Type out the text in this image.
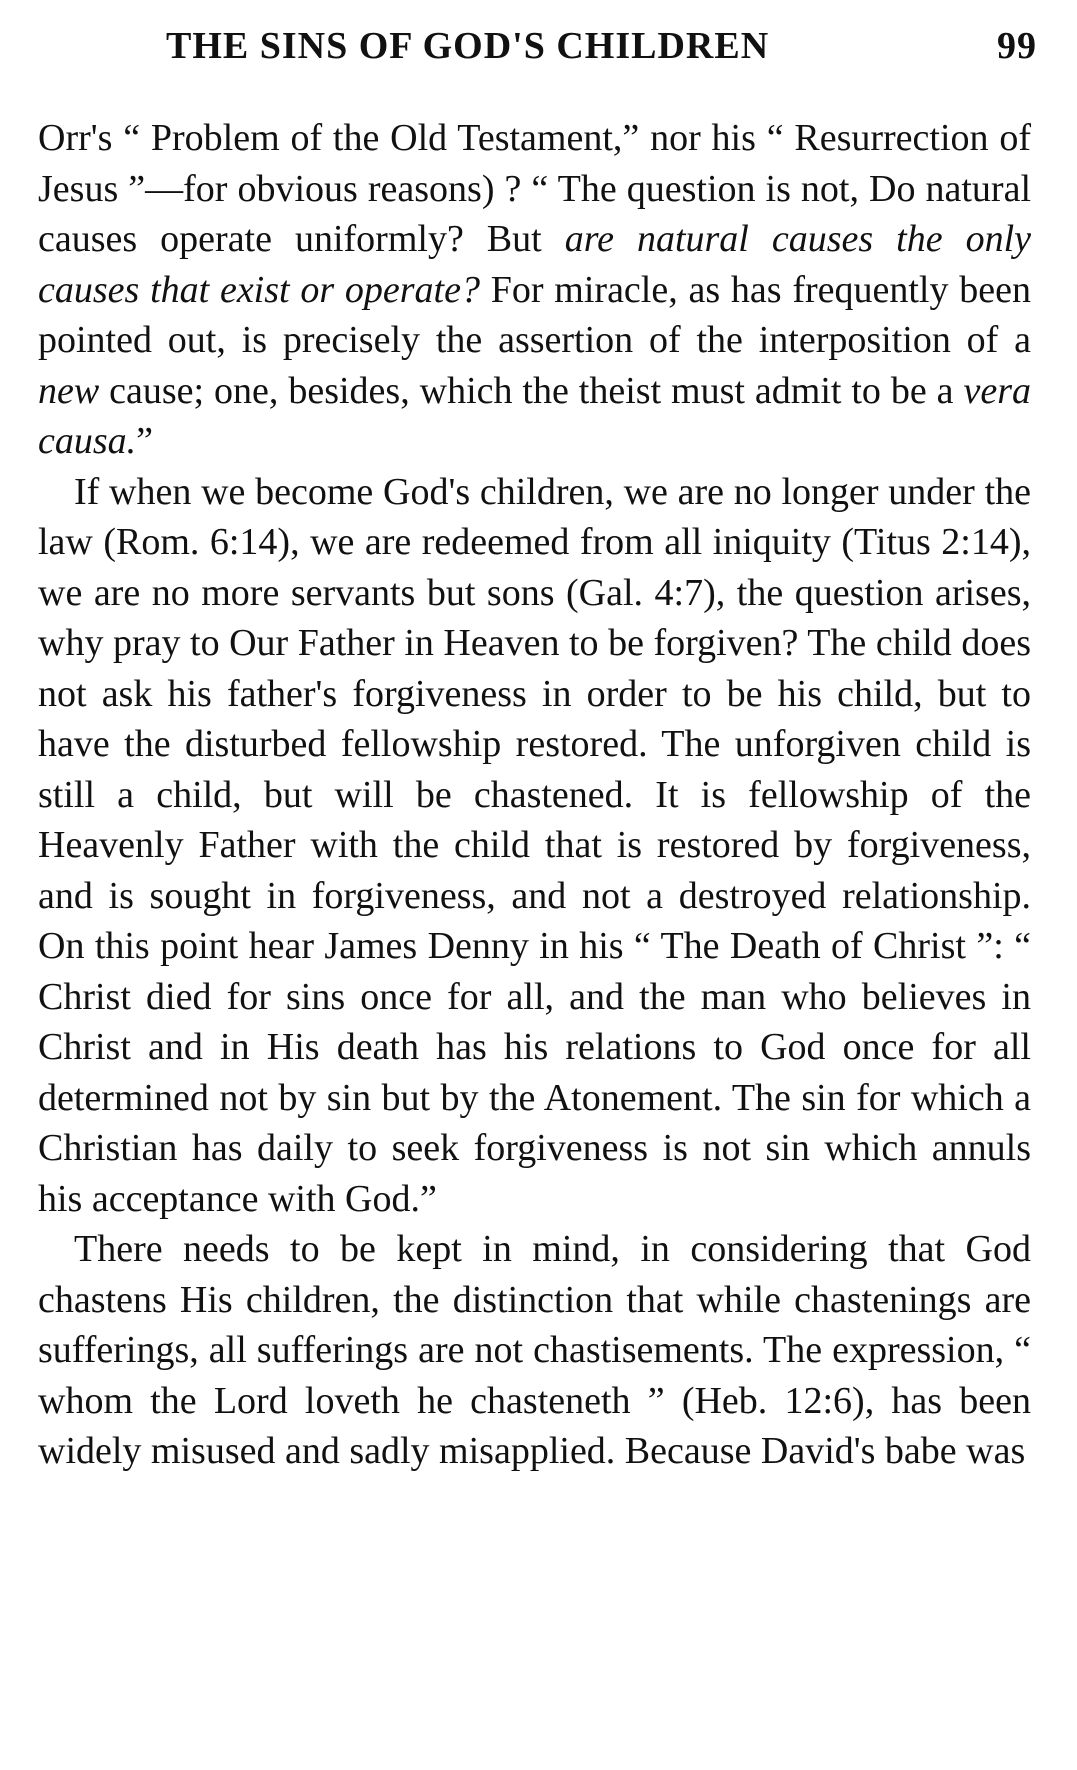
THE SINS OF GOD'S CHILDREN	99

Orr's “ Problem of the Old Testament,” nor his “ Resurrection of Jesus ”—for obvious reasons) ? “ The question is not, Do natural causes operate uniformly? But are natural causes the only causes that exist or operate? For miracle, as has frequently been pointed out, is precisely the assertion of the interposition of a new cause; one, besides, which the theist must admit to be a vera causa.”

If when we become God's children, we are no longer under the law (Rom. 6:14), we are redeemed from all iniquity (Titus 2:14), we are no more servants but sons (Gal. 4:7), the question arises, why pray to Our Father in Heaven to be forgiven? The child does not ask his father's forgiveness in order to be his child, but to have the disturbed fellowship restored. The unforgiven child is still a child, but will be chastened. It is fellowship of the Heavenly Father with the child that is restored by forgiveness, and is sought in forgiveness, and not a destroyed relationship. On this point hear James Denny in his “ The Death of Christ ”: “ Christ died for sins once for all, and the man who believes in Christ and in His death has his relations to God once for all determined not by sin but by the Atonement. The sin for which a Christian has daily to seek forgiveness is not sin which annuls his acceptance with God.”

There needs to be kept in mind, in considering that God chastens His children, the distinction that while chastenings are sufferings, all sufferings are not chastisements. The expression, “ whom the Lord loveth he chasteneth ” (Heb. 12:6), has been widely misused and sadly misapplied. Because David's babe was
